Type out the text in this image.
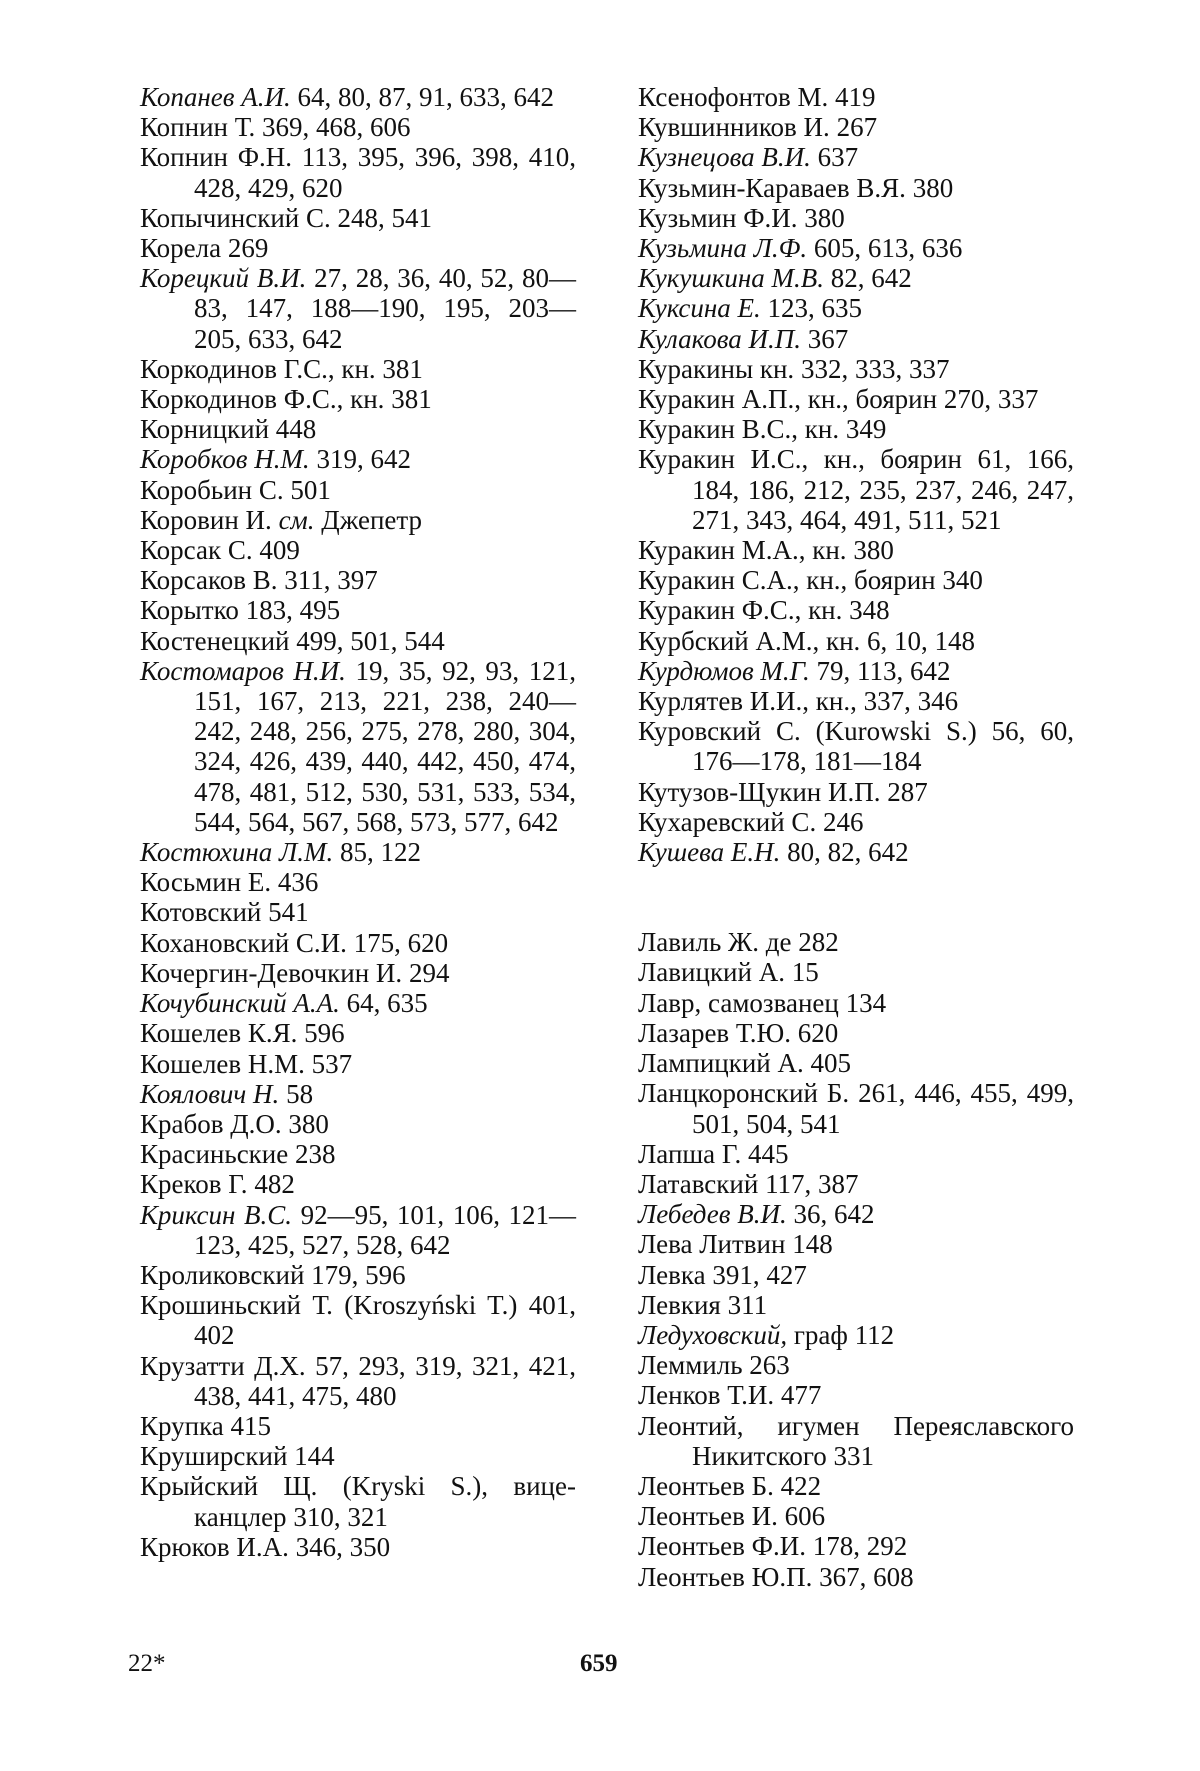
Копанев А.И. 64, 80, 87, 91, 633, 642

Копнин Т. 369, 468, 606

Копнин Ф.Н. 113, 395, 396, 398, 410, 428, 429, 620

Копычинский С. 248, 541

Корела 269

Корецкий В.И. 27, 28, 36, 40, 52, 80—83, 147, 188—190, 195, 203—205, 633, 642

Коркодинов Г.С., кн. 381

Коркодинов Ф.С., кн. 381

Корницкий 448

Коробков Н.М. 319, 642

Коробьин С. 501

Коровин И. см. Джепетр

Корсак С. 409

Корсаков В. 311, 397

Корытко 183, 495

Костенецкий 499, 501, 544

Костомаров Н.И. 19, 35, 92, 93, 121, 151, 167, 213, 221, 238, 240—242, 248, 256, 275, 278, 280, 304, 324, 426, 439, 440, 442, 450, 474, 478, 481, 512, 530, 531, 533, 534, 544, 564, 567, 568, 573, 577, 642

Костюхина Л.М. 85, 122

Косьмин Е. 436

Котовский 541

Кохановский С.И. 175, 620

Кочергин-Девочкин И. 294

Кочубинский А.А. 64, 635

Кошелев К.Я. 596

Кошелев Н.М. 537

Коялович Н. 58

Крабов Д.О. 380

Красиньские 238

Креков Г. 482

Криксин В.С. 92—95, 101, 106, 121—123, 425, 527, 528, 642

Кроликовский 179, 596

Крошиньский Т. (Kroszyński T.) 401, 402

Крузатти Д.Х. 57, 293, 319, 321, 421, 438, 441, 475, 480

Крупка 415

Круширский 144

Крыйский Щ. (Kryski S.), вице-канцлер 310, 321

Крюков И.А. 346, 350

Ксенофонтов М. 419

Кувшинников И. 267

Кузнецова В.И. 637

Кузьмин-Караваев В.Я. 380

Кузьмин Ф.И. 380

Кузьмина Л.Ф. 605, 613, 636

Кукушкина М.В. 82, 642

Куксина Е. 123, 635

Кулакова И.П. 367

Куракины кн. 332, 333, 337

Куракин А.П., кн., боярин 270, 337

Куракин В.С., кн. 349

Куракин И.С., кн., боярин 61, 166, 184, 186, 212, 235, 237, 246, 247, 271, 343, 464, 491, 511, 521

Куракин М.А., кн. 380

Куракин С.А., кн., боярин 340

Куракин Ф.С., кн. 348

Курбский А.М., кн. 6, 10, 148

Курдюмов М.Г. 79, 113, 642

Курлятев И.И., кн., 337, 346

Куровский С. (Kurowski S.) 56, 60, 176—178, 181—184

Кутузов-Щукин И.П. 287

Кухаревский С. 246

Кушева Е.Н. 80, 82, 642

Лавиль Ж. де 282

Лавицкий А. 15

Лавр, самозванец 134

Лазарев Т.Ю. 620

Лампицкий А. 405

Ланцкоронский Б. 261, 446, 455, 499, 501, 504, 541

Лапша Г. 445

Латавский 117, 387

Лебедев В.И. 36, 642

Лева Литвин 148

Левка 391, 427

Левкия 311

Ледуховский, граф 112

Леммиль 263

Ленков Т.И. 477

Леонтий, игумен Переяславского Никитского 331

Леонтьев Б. 422

Леонтьев И. 606

Леонтьев Ф.И. 178, 292

Леонтьев Ю.П. 367, 608

22*	659
